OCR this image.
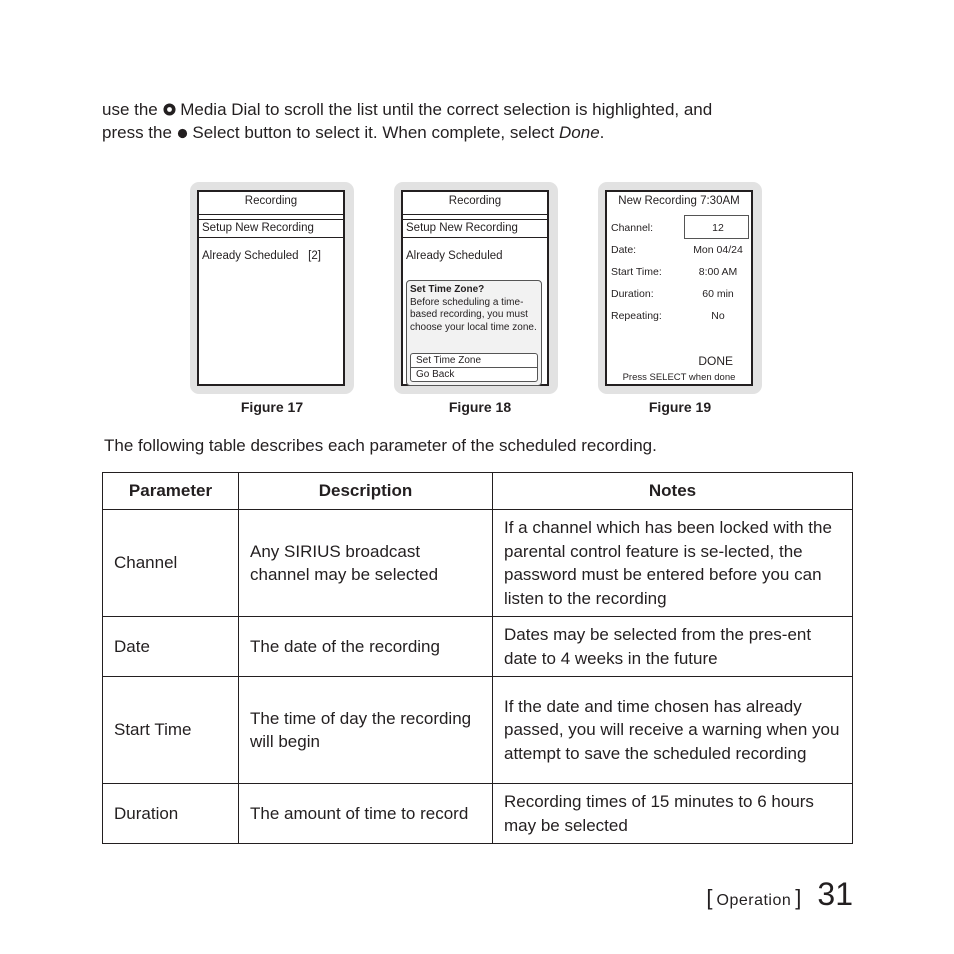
use the  Media Dial to scroll the list until the correct selection is highlighted, and
press the  Select button to select it. When complete, select Done.
Recording
Setup New Recording
Already Scheduled   [2]
Figure 17
Recording
Setup New Recording
Already Scheduled
Set Time Zone?
Before scheduling a time-
based recording, you must
choose your local time zone.
Set Time Zone
Go Back
Figure 18
New Recording 7:30AM
Channel:	12
Date:	Mon 04/24
Start Time:	8:00 AM
Duration:	60 min
Repeating:	No
DONE
Press SELECT when done
Figure 19
The following table describes each parameter of the scheduled recording.
Parameter	Description	Notes
Channel	Any SIRIUS broadcast channel may be selected	If a channel which has been locked with the parental control feature is se-lected, the password must be entered before you can listen to the recording
Date	The date of the recording	Dates may be selected from the pres-ent date to 4 weeks in the future
Start Time	The time of day the recording will begin	If the date and time chosen has already passed, you will receive a warning when you attempt to save the scheduled recording
Duration	The amount of time to record	Recording times of 15 minutes to 6 hours may be selected
[ Operation ] 31
